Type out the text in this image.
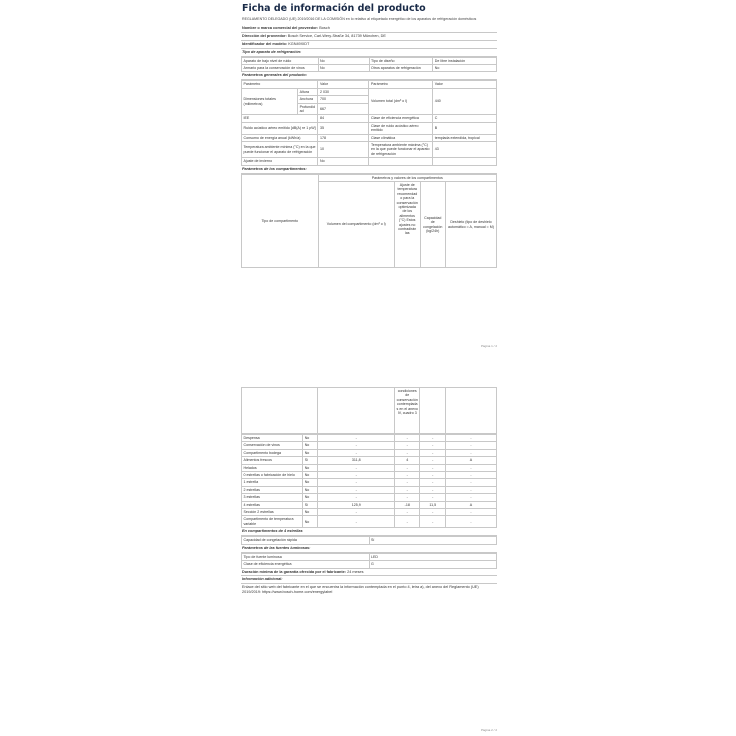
Ficha de información del producto
REGLAMENTO DELEGADO (UE) 2019/2016 DE LA COMISIÓN en lo relativo al etiquetado energético de los aparatos de refrigeración domésticos
Nombre o marca comercial del proveedor: Bosch
Dirección del proveedor: Bosch Service, Carl-Wery-Straße 34, 81739 München, DE
Identificador del modelo: KGN49XIDT
Tipo de aparato de refrigeración:
Aparato de bajo nivel de ruido	No	Tipo de diseño	De libre instalación
Armario para la conservación de vinos	No	Otros aparatos de refrigeración	No
Parámetros generales del producto:
Parámetro		Valor	Parámetro	Valor
Dimensiones totales (milímetros)	Altura	2 030	Volumen total (dm³ o l)	440
	Anchura	700		
	Profundidad	667		
IEE		84	Clase de eficiencia energética	C
Ruido acústico aéreo emitido [dB(A) re 1 pW]		35	Clase de ruido acústico aéreo emitido	B
Consumo de energía anual (kWh/a)		178	Clase climática	templada extendida, tropical
Temperatura ambiente mínima (°C) en la que puede funcionar el aparato de refrigeración		10	Temperatura ambiente máxima (°C) en la que puede funcionar el aparato de refrigeración	43
Ajuste de invierno		No		
Parámetros de los compartimentos:
Tipo de compartimento	Parámetros y valores de los compartimentos			
	Volumen del compartimento (dm³ o l)	Ajuste de temperatura recomendado para la conservación optimizada de los alimentos (°C) Estos ajustes no contradirán las	Capacidad de congelación (kg/24h)	Deshielo (tipo de deshielo automático = A, manual = M)
Página 1 / 2
		condiciones de conservación contempladas en el anexo IV, cuadro 3		
Despensa	No	-	-	-	-
Conservación de vinos	No	-	-	-	-
Compartimento bodega	No	-	-	-	-
Alimentos frescos	Sí	311,8	4	-	A
Helados	No	-	-	-	-
0 estrellas o fabricación de hielo	No	-	-	-	-
1 estrella	No	-	-	-	-
2 estrellas	No	-	-	-	-
3 estrellas	No	-	-	-	-
4 estrellas	Sí	125,9	-18	11,5	A
Sección 2 estrellas	No	-	-	-	-
Compartimento de temperatura variable	No	-	-	-	-
En compartimentos de 4 estrellas
Capacidad de congelación rápida	Sí
Parámetros de las fuentes luminosas:
Tipo de fuente luminosa	LED
Clase de eficiencia energética	G
Duración mínima de la garantía ofrecida por el fabricante: 24 meses
Información adicional:
Enlace del sitio web del fabricante en el que se encuentra la información contemplada en el punto 4, letra a), del anexo del Reglamento (UE) 2019/2019: https://www.bosch-home.com/energylabel
Página 2 / 2
